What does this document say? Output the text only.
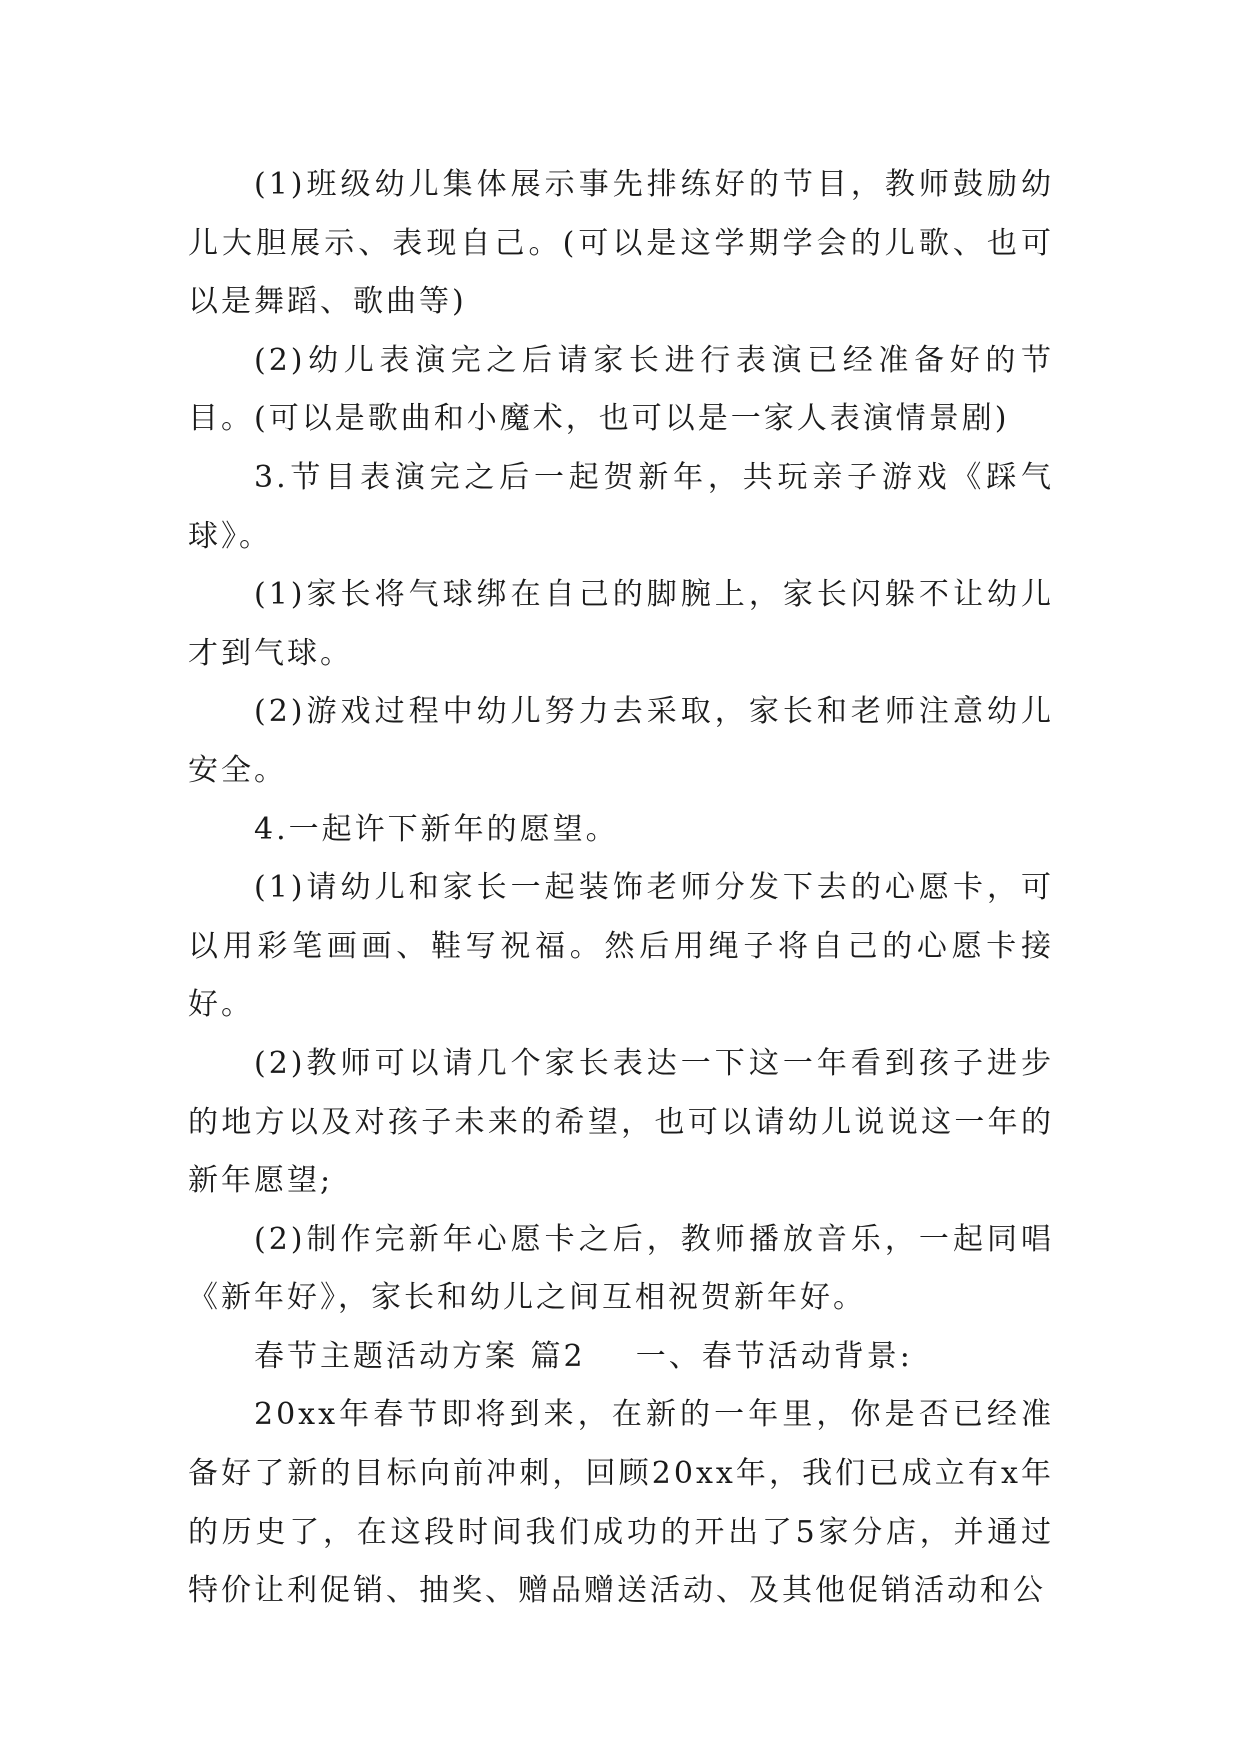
(1)班级幼儿集体展示事先排练好的节目，教师鼓励幼儿大胆展示、表现自己。(可以是这学期学会的儿歌、也可以是舞蹈、歌曲等)

(2)幼儿表演完之后请家长进行表演已经准备好的节目。(可以是歌曲和小魔术，也可以是一家人表演情景剧)

3.节目表演完之后一起贺新年，共玩亲子游戏《踩气球》。

(1)家长将气球绑在自己的脚腕上，家长闪躲不让幼儿才到气球。

(2)游戏过程中幼儿努力去采取，家长和老师注意幼儿安全。

4.一起许下新年的愿望。

(1)请幼儿和家长一起装饰老师分发下去的心愿卡，可以用彩笔画画、鞋写祝福。然后用绳子将自己的心愿卡接好。

(2)教师可以请几个家长表达一下这一年看到孩子进步的地方以及对孩子未来的希望，也可以请幼儿说说这一年的新年愿望;

(2)制作完新年心愿卡之后，教师播放音乐，一起同唱《新年好》，家长和幼儿之间互相祝贺新年好。

春节主题活动方案 篇2    一、春节活动背景:

20xx年春节即将到来，在新的一年里，你是否已经准备好了新的目标向前冲刺，回顾20xx年，我们已成立有x年的历史了，在这段时间我们成功的开出了5家分店，并通过特价让利促销、抽奖、赠品赠送活动、及其他促销活动和公
